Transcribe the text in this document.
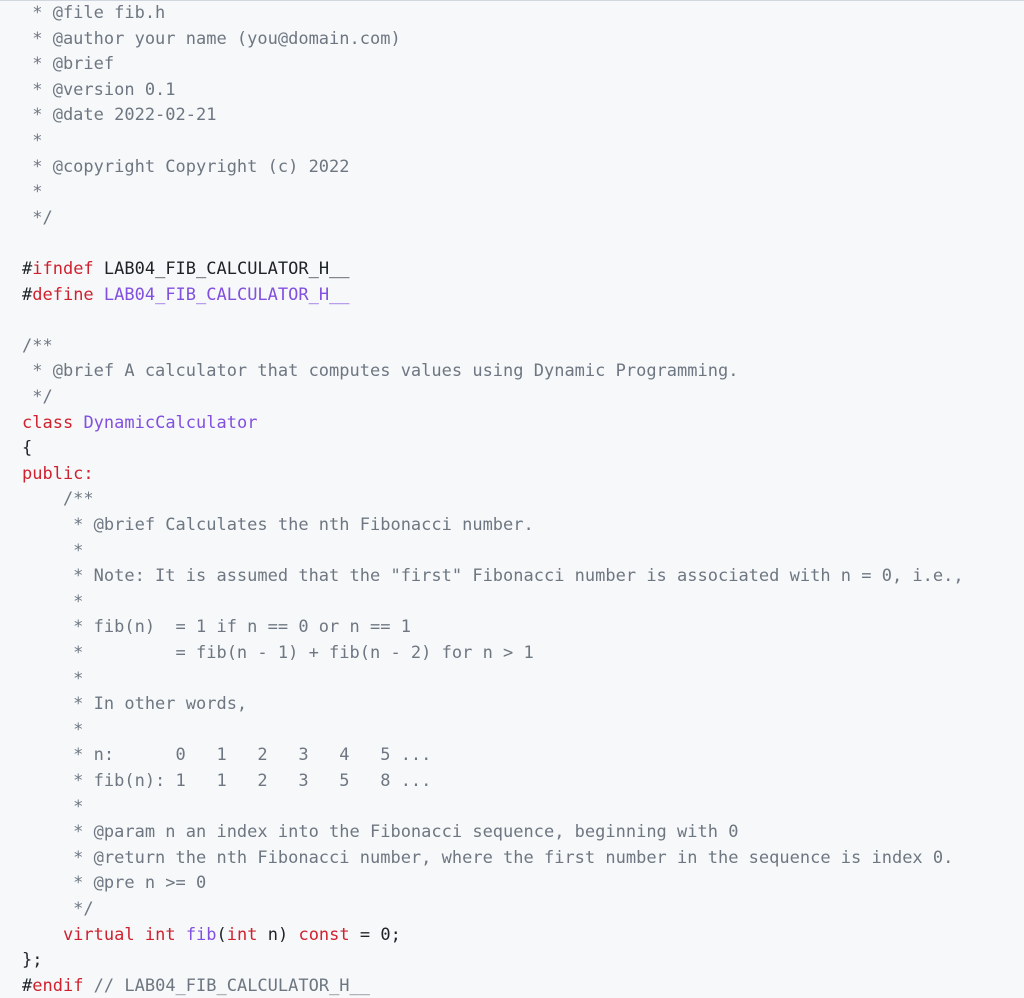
* @file fib.h
* @author your name (you@domain.com)
* @brief
* @version 0.1
* @date 2022-02-21
*
* @copyright Copyright (c) 2022
*
*/
#ifndef LAB04_FIB_CALCULATOR_H__
#define LAB04_FIB_CALCULATOR_H__
/**
* @brief A calculator that computes values using Dynamic Programming.
*/
class DynamicCalculator
{
public:
/**
* @brief Calculates the nth Fibonacci number.
*
* Note: It is assumed that the "first" Fibonacci number is associated with n = 0, i.e.,
*
* fib(n)  = 1 if n == 0 or n == 1
*         = fib(n - 1) + fib(n - 2) for n > 1
*
* In other words,
*
* n:      0   1   2   3   4   5 ...
* fib(n): 1   1   2   3   5   8 ...
*
* @param n an index into the Fibonacci sequence, beginning with 0
* @return the nth Fibonacci number, where the first number in the sequence is index 0.
* @pre n >= 0
*/
virtual int fib(int n) const = 0;
};
#endif // LAB04_FIB_CALCULATOR_H__
